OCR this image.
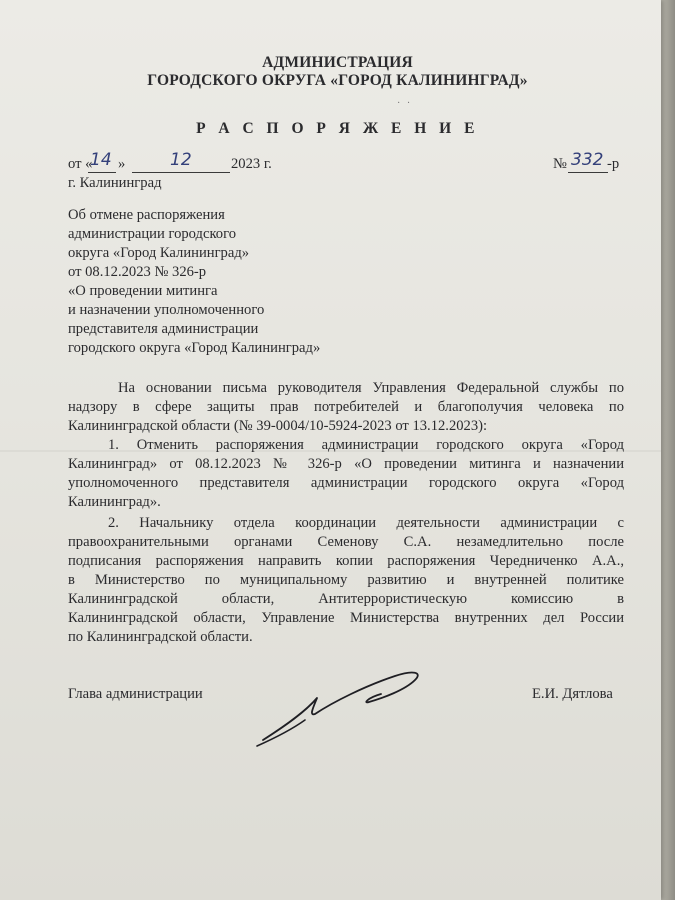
АДМИНИСТРАЦИЯ
ГОРОДСКОГО ОКРУГА «ГОРОД КАЛИНИНГРАД»
· ·
Р А С П О Р Я Ж Е Н И Е
от «
14 »	12	2023 г.	№ 332 -р
г. Калининград
Об отмене распоряжения
администрации городского
округа «Город Калининград»
от 08.12.2023 № 326-р
«О проведении митинга
и назначении уполномоченного
представителя администрации
городского округа «Город Калининград»
На основании письма руководителя Управления Федеральной службы по
надзору в сфере защиты прав потребителей и благополучия человека по
Калининградской области (№ 39-0004/10-5924-2023 от 13.12.2023):
1. Отменить распоряжения администрации городского округа «Город
Калининград» от 08.12.2023 № 326-р «О проведении митинга и назначении
уполномоченного представителя администрации городского округа «Город
Калининград».
2. Начальнику отдела координации деятельности администрации с
правоохранительными органами Семенову С.А. незамедлительно после
подписания распоряжения направить копии распоряжения Чередниченко А.А.,
в Министерство по муниципальному развитию и внутренней политике
Калининградской области, Антитеррористическую комиссию в
Калининградской области, Управление Министерства внутренних дел России
по Калининградской области.
Глава администрации	Е.И. Дятлова
